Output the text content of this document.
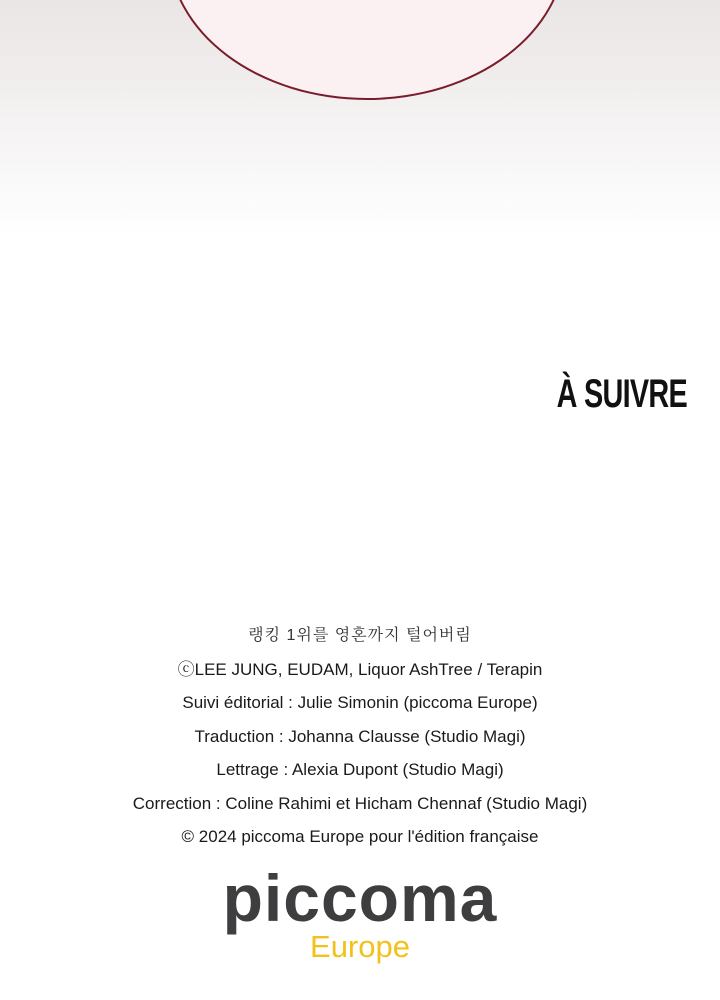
À SUIVRE
랭킹 1위를 영혼까지 털어버림
ⓒLEE JUNG, EUDAM, Liquor AshTree / Terapin
Suivi éditorial : Julie Simonin (piccoma Europe)
Traduction : Johanna Clausse (Studio Magi)
Lettrage : Alexia Dupont (Studio Magi)
Correction : Coline Rahimi et Hicham Chennaf (Studio Magi)
© 2024 piccoma Europe pour l'édition française
piccoma
Europe
